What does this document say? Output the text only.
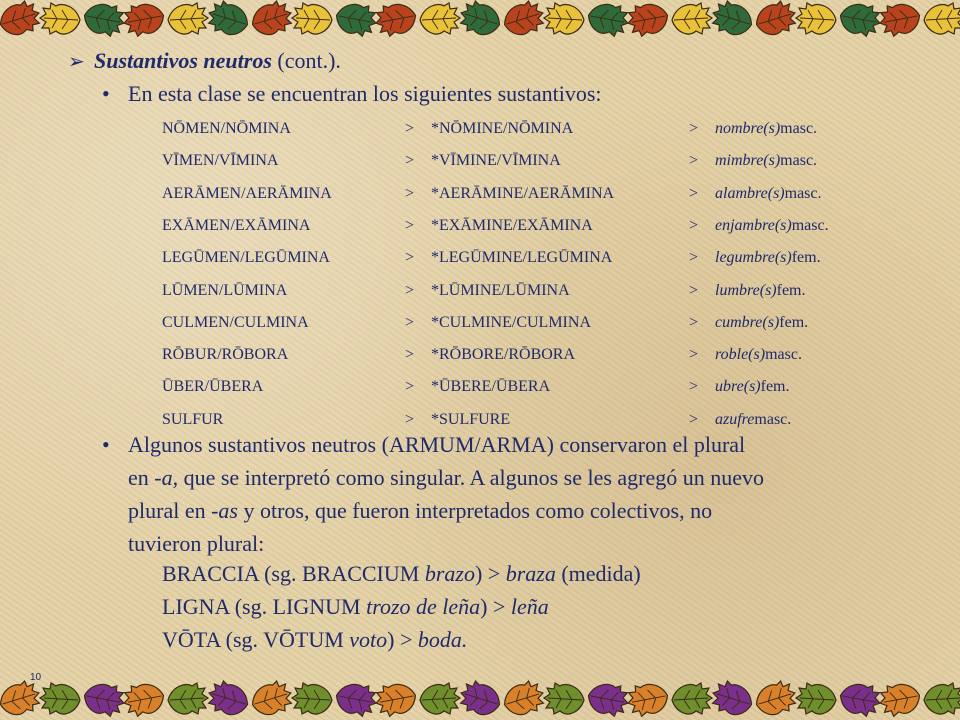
➢ Sustantivos neutros (cont.).
• En esta clase se encuentran los siguientes sustantivos:
NŌMEN/NŌMINA	> *NŌMINE/NŌMINA	> nombre(s) masc.
VĪMEN/VĪMINA	> *VĪMINE/VĪMINA	> mimbre(s) masc.
AERĀMEN/AERĀMINA	> *AERĀMINE/AERĀMINA	> alambre(s) masc.
EXĀMEN/EXĀMINA	> *EXĀMINE/EXĀMINA	> enjambre(s) masc.
LEGŪMEN/LEGŪMINA	> *LEGŪMINE/LEGŪMINA	> legumbre(s) fem.
LŪMEN/LŪMINA	> *LŪMINE/LŪMINA	> lumbre(s) fem.
CULMEN/CULMINA	> *CULMINE/CULMINA	> cumbre(s) fem.
RŌBUR/RŌBORA	> *RŌBORE/RŌBORA	> roble(s) masc.
ŪBER/ŪBERA	> *ŪBERE/ŪBERA	> ubre(s) fem.
SULFUR	> *SULFURE	> azufre masc.
• Algunos sustantivos neutros (ARMUM/ARMA) conservaron el plural
en -a, que se interpretó como singular. A algunos se les agregó un nuevo
plural en -as y otros, que fueron interpretados como colectivos, no
tuvieron plural:
BRACCIA (sg. BRACCIUM brazo) > braza (medida)
LIGNA (sg. LIGNUM trozo de leña) > leña
VŌTA (sg. VŌTUM voto) > boda.
10
